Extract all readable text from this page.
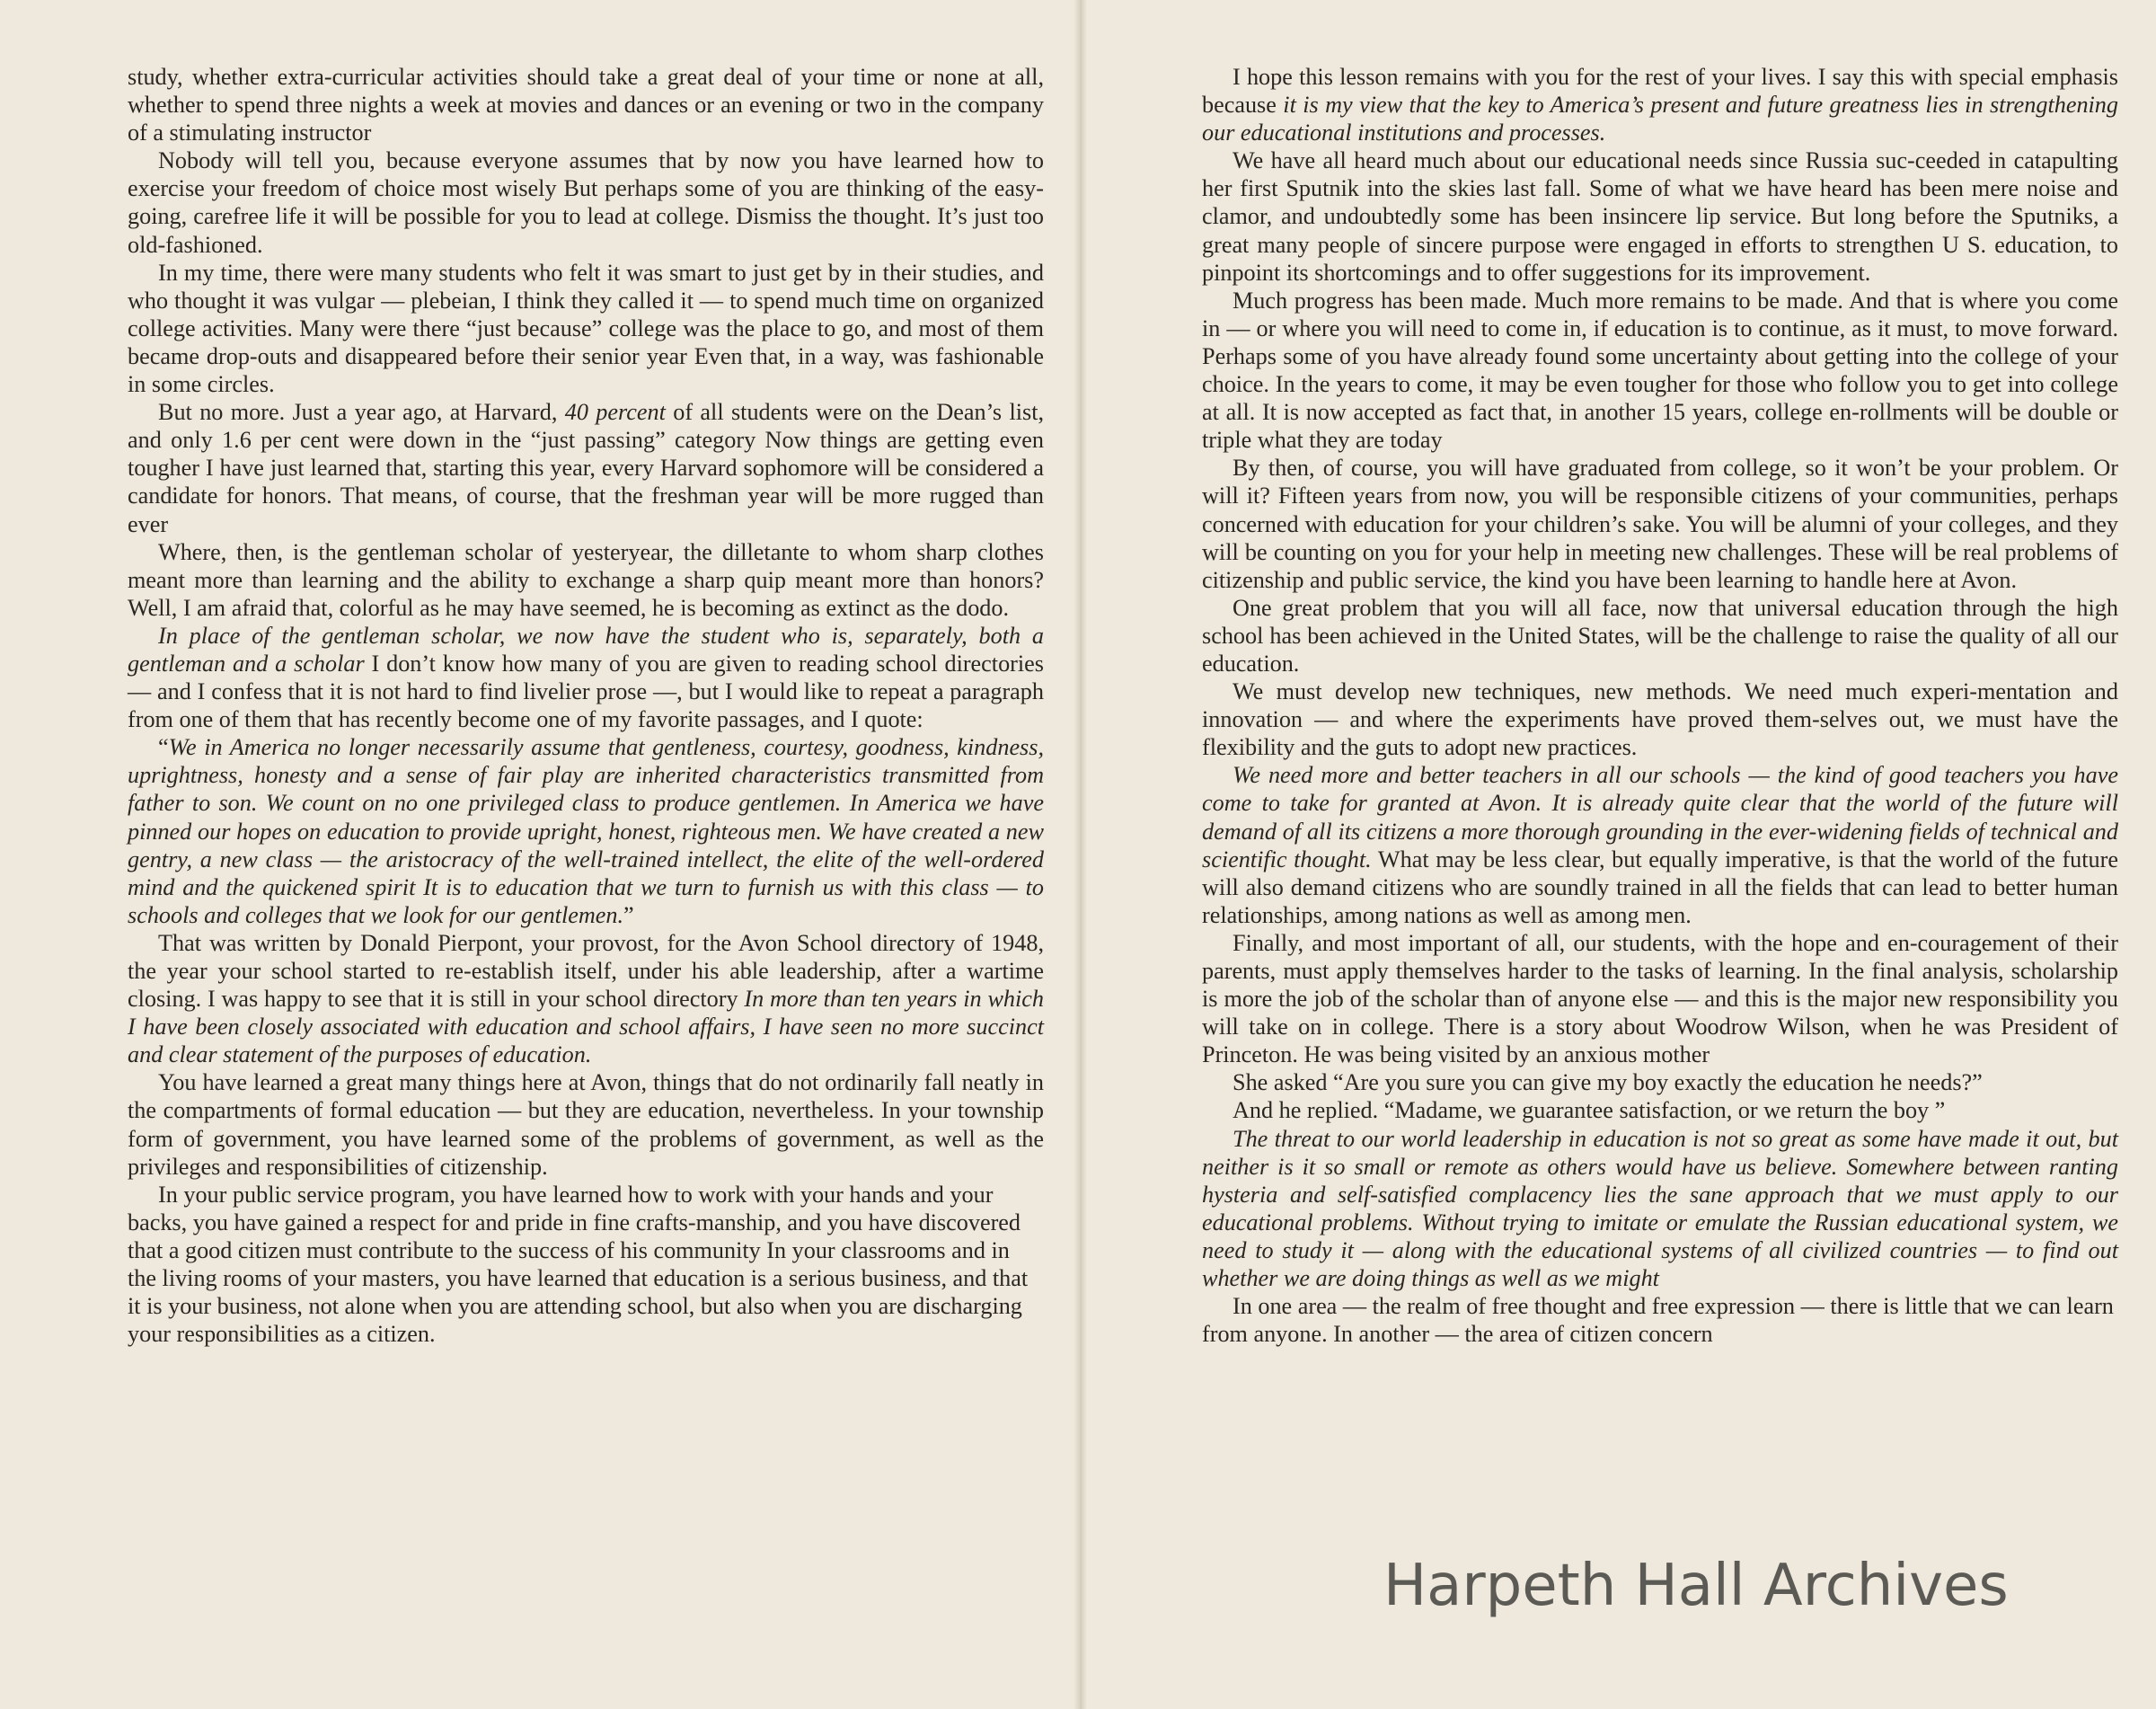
study, whether extra-curricular activities should take a great deal of your time or none at all, whether to spend three nights a week at movies and dances or an evening or two in the company of a stimulating instructor

Nobody will tell you, because everyone assumes that by now you have learned how to exercise your freedom of choice most wisely But perhaps some of you are thinking of the easy-going, carefree life it will be possible for you to lead at college. Dismiss the thought. It’s just too old-fashioned.

In my time, there were many students who felt it was smart to just get by in their studies, and who thought it was vulgar — plebeian, I think they called it — to spend much time on organized college activities. Many were there “just because” college was the place to go, and most of them became drop-outs and disappeared before their senior year Even that, in a way, was fashionable in some circles.

But no more. Just a year ago, at Harvard, 40 percent of all students were on the Dean’s list, and only 1.6 per cent were down in the “just passing” category Now things are getting even tougher I have just learned that, starting this year, every Harvard sophomore will be considered a candidate for honors. That means, of course, that the freshman year will be more rugged than ever

Where, then, is the gentleman scholar of yesteryear, the dilletante to whom sharp clothes meant more than learning and the ability to exchange a sharp quip meant more than honors? Well, I am afraid that, colorful as he may have seemed, he is becoming as extinct as the dodo.

In place of the gentleman scholar, we now have the student who is, separately, both a gentleman and a scholar I don’t know how many of you are given to reading school directories — and I confess that it is not hard to find livelier prose —, but I would like to repeat a paragraph from one of them that has recently become one of my favorite passages, and I quote:

“We in America no longer necessarily assume that gentleness, courtesy, goodness, kindness, uprightness, honesty and a sense of fair play are inherited characteristics transmitted from father to son. We count on no one privileged class to produce gentlemen. In America we have pinned our hopes on education to provide upright, honest, righteous men. We have created a new gentry, a new class — the aristocracy of the well-trained intellect, the elite of the well-ordered mind and the quickened spirit It is to education that we turn to furnish us with this class — to schools and colleges that we look for our gentlemen.”

That was written by Donald Pierpont, your provost, for the Avon School directory of 1948, the year your school started to re-establish itself, under his able leadership, after a wartime closing. I was happy to see that it is still in your school directory In more than ten years in which I have been closely associated with education and school affairs, I have seen no more succinct and clear statement of the purposes of education.

You have learned a great many things here at Avon, things that do not ordinarily fall neatly in the compartments of formal education — but they are education, nevertheless. In your township form of government, you have learned some of the problems of government, as well as the privileges and responsibilities of citizenship.

In your public service program, you have learned how to work with your hands and your backs, you have gained a respect for and pride in fine crafts-manship, and you have discovered that a good citizen must contribute to the success of his community In your classrooms and in the living rooms of your masters, you have learned that education is a serious business, and that it is your business, not alone when you are attending school, but also when you are discharging your responsibilities as a citizen.

I hope this lesson remains with you for the rest of your lives. I say this with special emphasis because it is my view that the key to America’s present and future greatness lies in strengthening our educational institutions and processes.

We have all heard much about our educational needs since Russia suc-ceeded in catapulting her first Sputnik into the skies last fall. Some of what we have heard has been mere noise and clamor, and undoubtedly some has been insincere lip service. But long before the Sputniks, a great many people of sincere purpose were engaged in efforts to strengthen U S. education, to pinpoint its shortcomings and to offer suggestions for its improvement.

Much progress has been made. Much more remains to be made. And that is where you come in — or where you will need to come in, if education is to continue, as it must, to move forward. Perhaps some of you have already found some uncertainty about getting into the college of your choice. In the years to come, it may be even tougher for those who follow you to get into college at all. It is now accepted as fact that, in another 15 years, college en-rollments will be double or triple what they are today

By then, of course, you will have graduated from college, so it won’t be your problem. Or will it? Fifteen years from now, you will be responsible citizens of your communities, perhaps concerned with education for your children’s sake. You will be alumni of your colleges, and they will be counting on you for your help in meeting new challenges. These will be real problems of citizenship and public service, the kind you have been learning to handle here at Avon.

One great problem that you will all face, now that universal education through the high school has been achieved in the United States, will be the challenge to raise the quality of all our education.

We must develop new techniques, new methods. We need much experi-mentation and innovation — and where the experiments have proved them-selves out, we must have the flexibility and the guts to adopt new practices.

We need more and better teachers in all our schools — the kind of good teachers you have come to take for granted at Avon. It is already quite clear that the world of the future will demand of all its citizens a more thorough grounding in the ever-widening fields of technical and scientific thought. What may be less clear, but equally imperative, is that the world of the future will also demand citizens who are soundly trained in all the fields that can lead to better human relationships, among nations as well as among men.

Finally, and most important of all, our students, with the hope and en-couragement of their parents, must apply themselves harder to the tasks of learning. In the final analysis, scholarship is more the job of the scholar than of anyone else — and this is the major new responsibility you will take on in college. There is a story about Woodrow Wilson, when he was President of Princeton. He was being visited by an anxious mother

She asked “Are you sure you can give my boy exactly the education he needs?”

And he replied. “Madame, we guarantee satisfaction, or we return the boy ”

The threat to our world leadership in education is not so great as some have made it out, but neither is it so small or remote as others would have us believe. Somewhere between ranting hysteria and self-satisfied complacency lies the sane approach that we must apply to our educational problems. Without trying to imitate or emulate the Russian educational system, we need to study it — along with the educational systems of all civilized countries — to find out whether we are doing things as well as we might

In one area — the realm of free thought and free expression — there is little that we can learn from anyone. In another — the area of citizen concern

Harpeth Hall Archives
